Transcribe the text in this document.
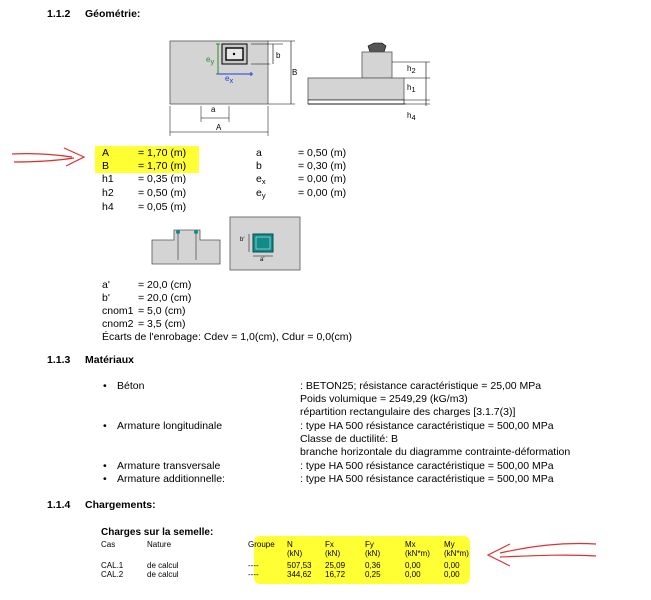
1.1.2 Géométrie:
b
B
a
A
$e_y$
$e_x$
$h_2$
$h_1$
$h_4$
A	= 1,70 (m)
B	= 1,70 (m)
h1 = 0,35 (m)
h2 = 0,50 (m)
h4 = 0,05 (m)
a	= 0,50 (m)
b	= 0,30 (m)
$e_x$	= 0,00 (m)
$e_y$	= 0,00 (m)
b'
a'
a'	= 20,0 (cm)
b'	= 20,0 (cm)
cnom1 = 5,0 (cm)
cnom2 = 3,5 (cm)
Écarts de l'enrobage: Cdev = 1,0(cm), Cdur = 0,0(cm)
1.1.3 Matériaux
• Béton	: BETON25; résistance caractéristique = 25,00 MPa
Poids volumique = 2549,29 (kG/m3)
répartition rectangulaire des charges [3.1.7(3)]
• Armature longitudinale	: type HA 500 résistance caractéristique = 500,00 MPa
Classe de ductilité: B
branche horizontale du diagramme contrainte-déformation
• Armature transversale	: type HA 500 résistance caractéristique = 500,00 MPa
• Armature additionnelle:	: type HA 500 résistance caractéristique = 500,00 MPa
1.1.4 Chargements:
Charges sur la semelle:
Cas	Nature	Groupe N	Fx	Fy	Mx	My
(kN)	(kN)	(kN)	(kN*m) (kN*m)
CAL.1	de calcul	----	507,53 25,09 0,36	0,00	0,00
CAL.2	de calcul	----	344,62 16,72 0,25	0,00	0,00
